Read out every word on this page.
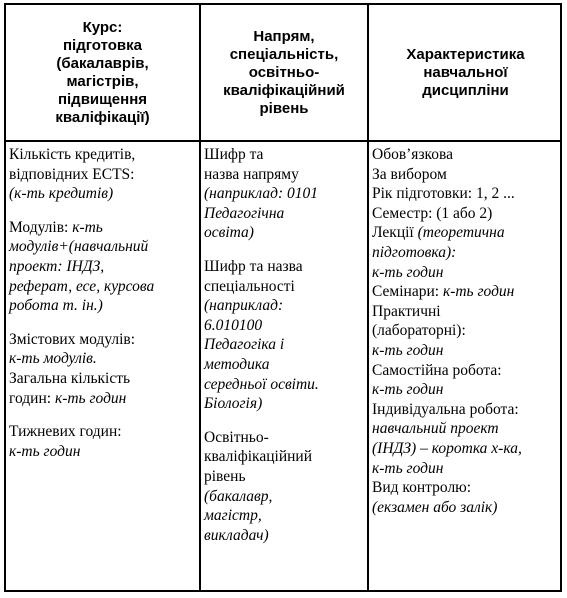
Курс:
підготовка
(бакалаврів,
магістрів,
підвищення
кваліфікації)
Напрям,
спеціальність,
освітньо-
кваліфікаційний
рівень
Характеристика
навчальної
дисципліни
Кількість кредитів,
відповідних ECTS:
(к-ть кредитів)
Модулів: к-ть
модулів+(навчальний
проект: ІНДЗ,
реферат, есе, курсова
робота т. ін.)
Змістових модулів:
к-ть модулів.
Загальна кількість
годин: к-ть годин
Тижневих годин:
к-ть годин
Шифр та
назва напряму
(наприклад: 0101
Педагогічна
освіта)
Шифр та назва
спеціальності
(наприклад:
6.010100
Педагогіка і
методика
середньої освіти.
Біологія)
Освітньо-
кваліфікаційний
рівень
(бакалавр,
магістр,
викладач)
Обов’язкова
За вибором
Рік підготовки: 1, 2 ...
Семестр: (1 або 2)
Лекції (теоретична
підготовка):
к-ть годин
Семінари: к-ть годин
Практичні
(лабораторні):
к-ть годин
Самостійна робота:
к-ть годин
Індивідуальна робота:
навчальний проект
(ІНДЗ) – коротка х-ка,
к-ть годин
Вид контролю:
(екзамен або залік)
